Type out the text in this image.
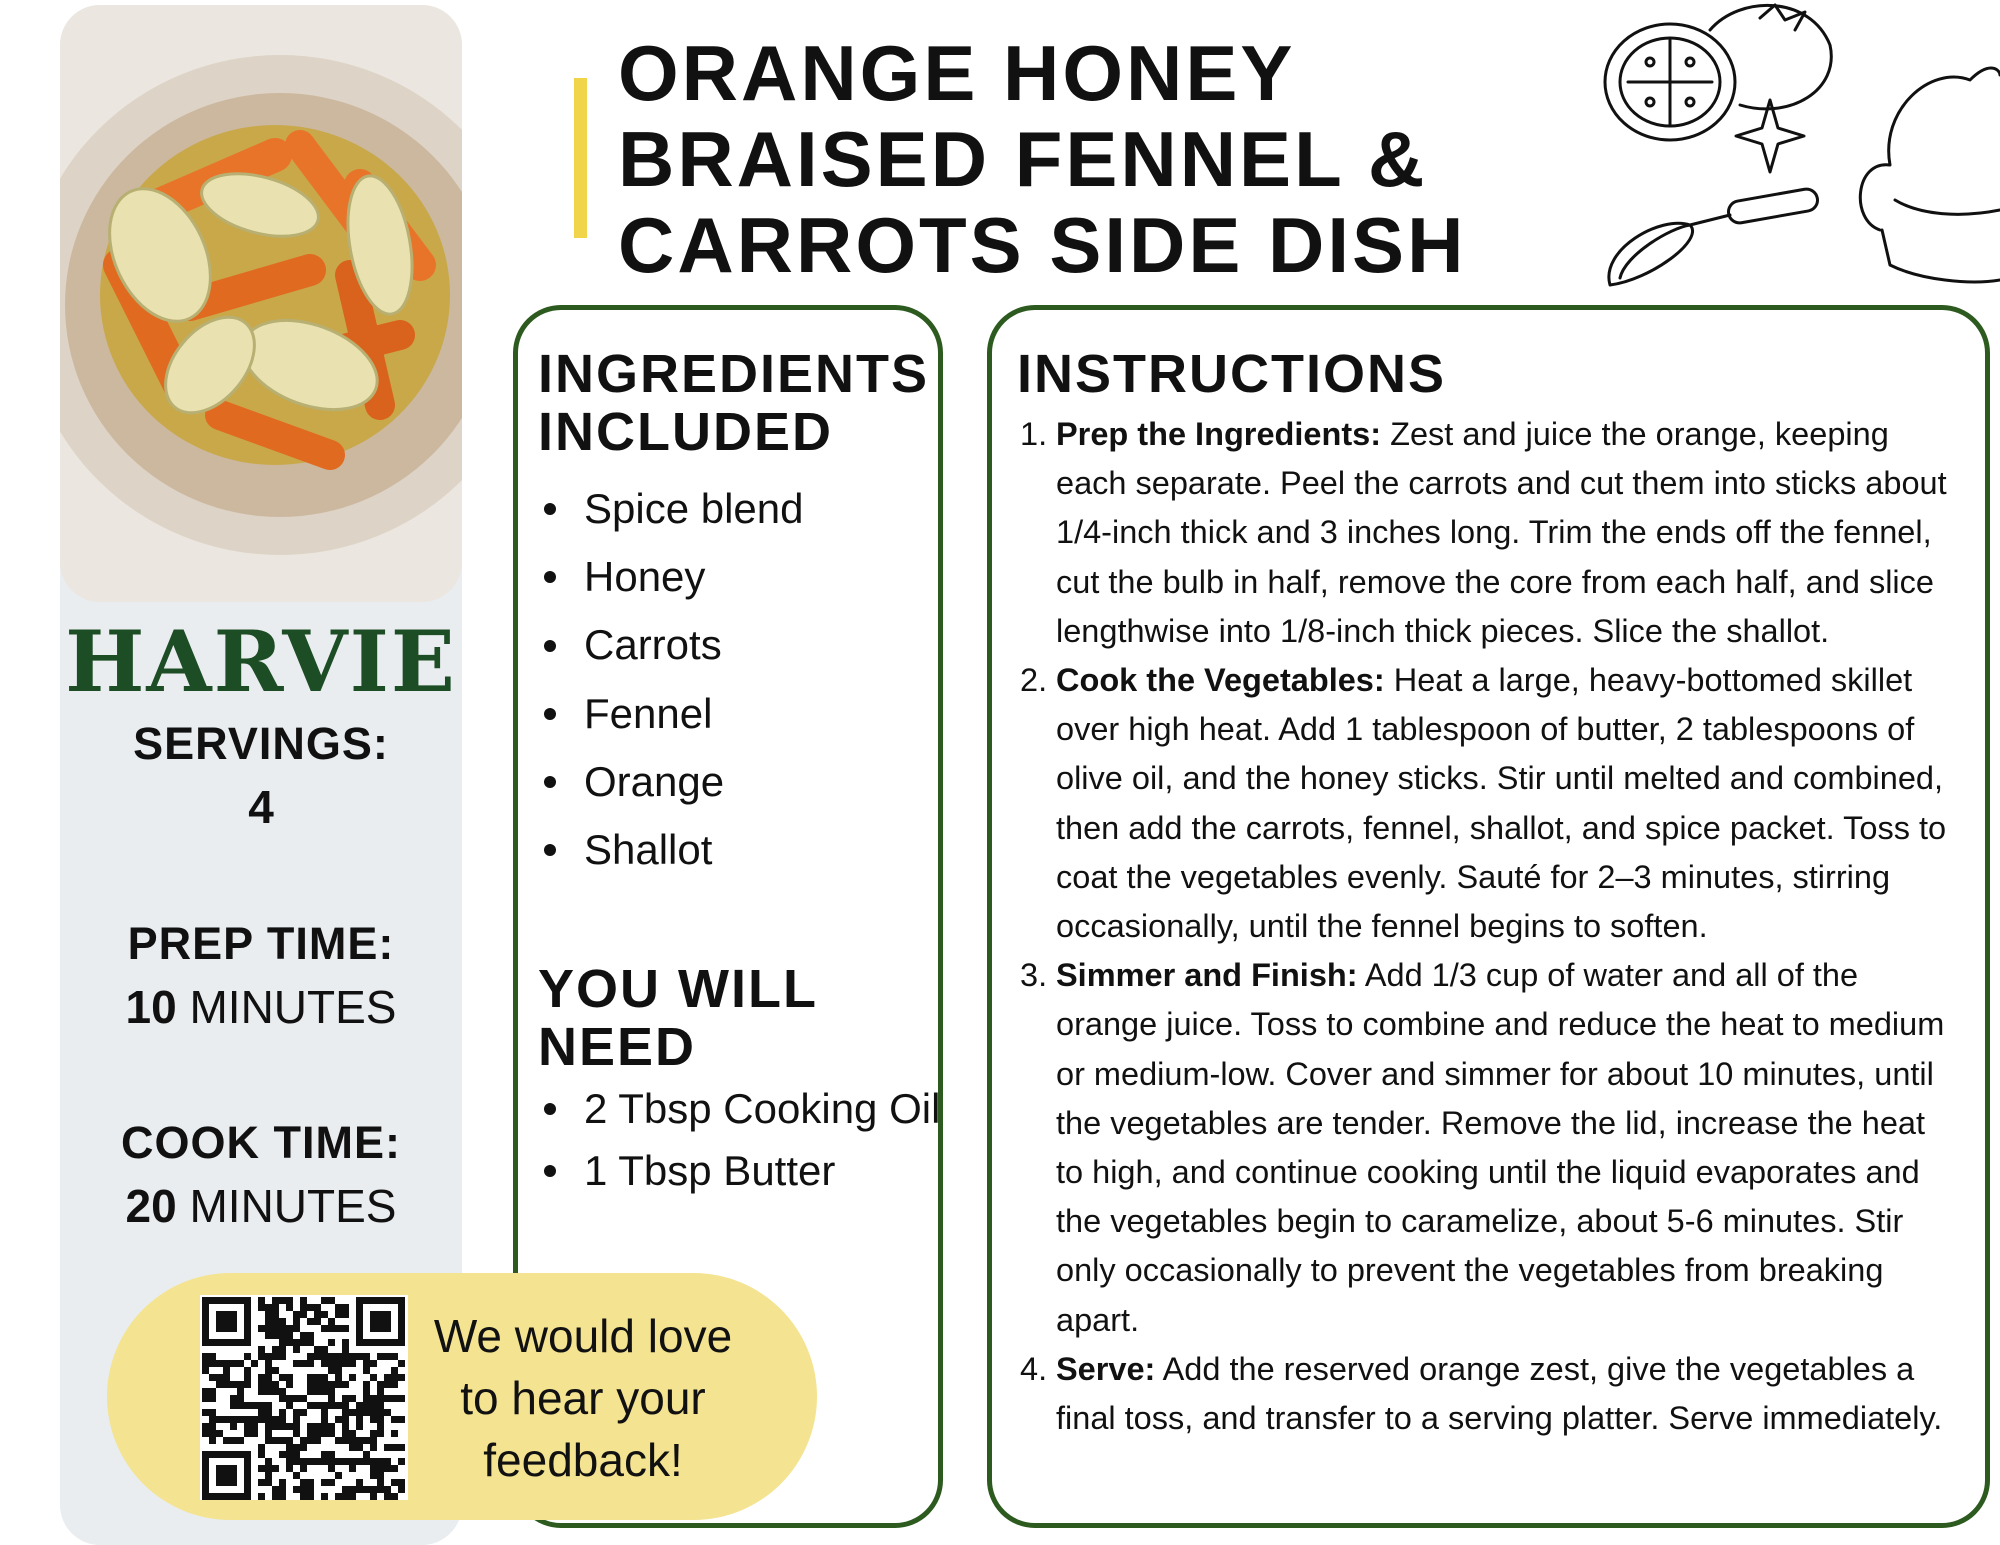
HARVIE
SERVINGS:
4
PREP TIME:
10 MINUTES
COOK TIME:
20 MINUTES
ORANGE HONEY
BRAISED FENNEL &
CARROTS SIDE DISH
INGREDIENTS
INCLUDED
Spice blend
Honey
Carrots
Fennel
Orange
Shallot
YOU WILL
NEED
2 Tbsp Cooking Oil
1 Tbsp Butter
INSTRUCTIONS
1. Prep the Ingredients: Zest and juice the orange, keeping each separate. Peel the carrots and cut them into sticks about 1/4-inch thick and 3 inches long. Trim the ends off the fennel, cut the bulb in half, remove the core from each half, and slice lengthwise into 1/8-inch thick pieces. Slice the shallot.
2. Cook the Vegetables: Heat a large, heavy-bottomed skillet over high heat. Add 1 tablespoon of butter, 2 tablespoons of olive oil, and the honey sticks. Stir until melted and combined, then add the carrots, fennel, shallot, and spice packet. Toss to coat the vegetables evenly. Sauté for 2–3 minutes, stirring occasionally, until the fennel begins to soften.
3. Simmer and Finish: Add 1/3 cup of water and all of the orange juice. Toss to combine and reduce the heat to medium or medium-low. Cover and simmer for about 10 minutes, until the vegetables are tender. Remove the lid, increase the heat to high, and continue cooking until the liquid evaporates and the vegetables begin to caramelize, about 5-6 minutes. Stir only occasionally to prevent the vegetables from breaking apart.
4. Serve: Add the reserved orange zest, give the vegetables a final toss, and transfer to a serving platter. Serve immediately.
We would love
to hear your
feedback!
